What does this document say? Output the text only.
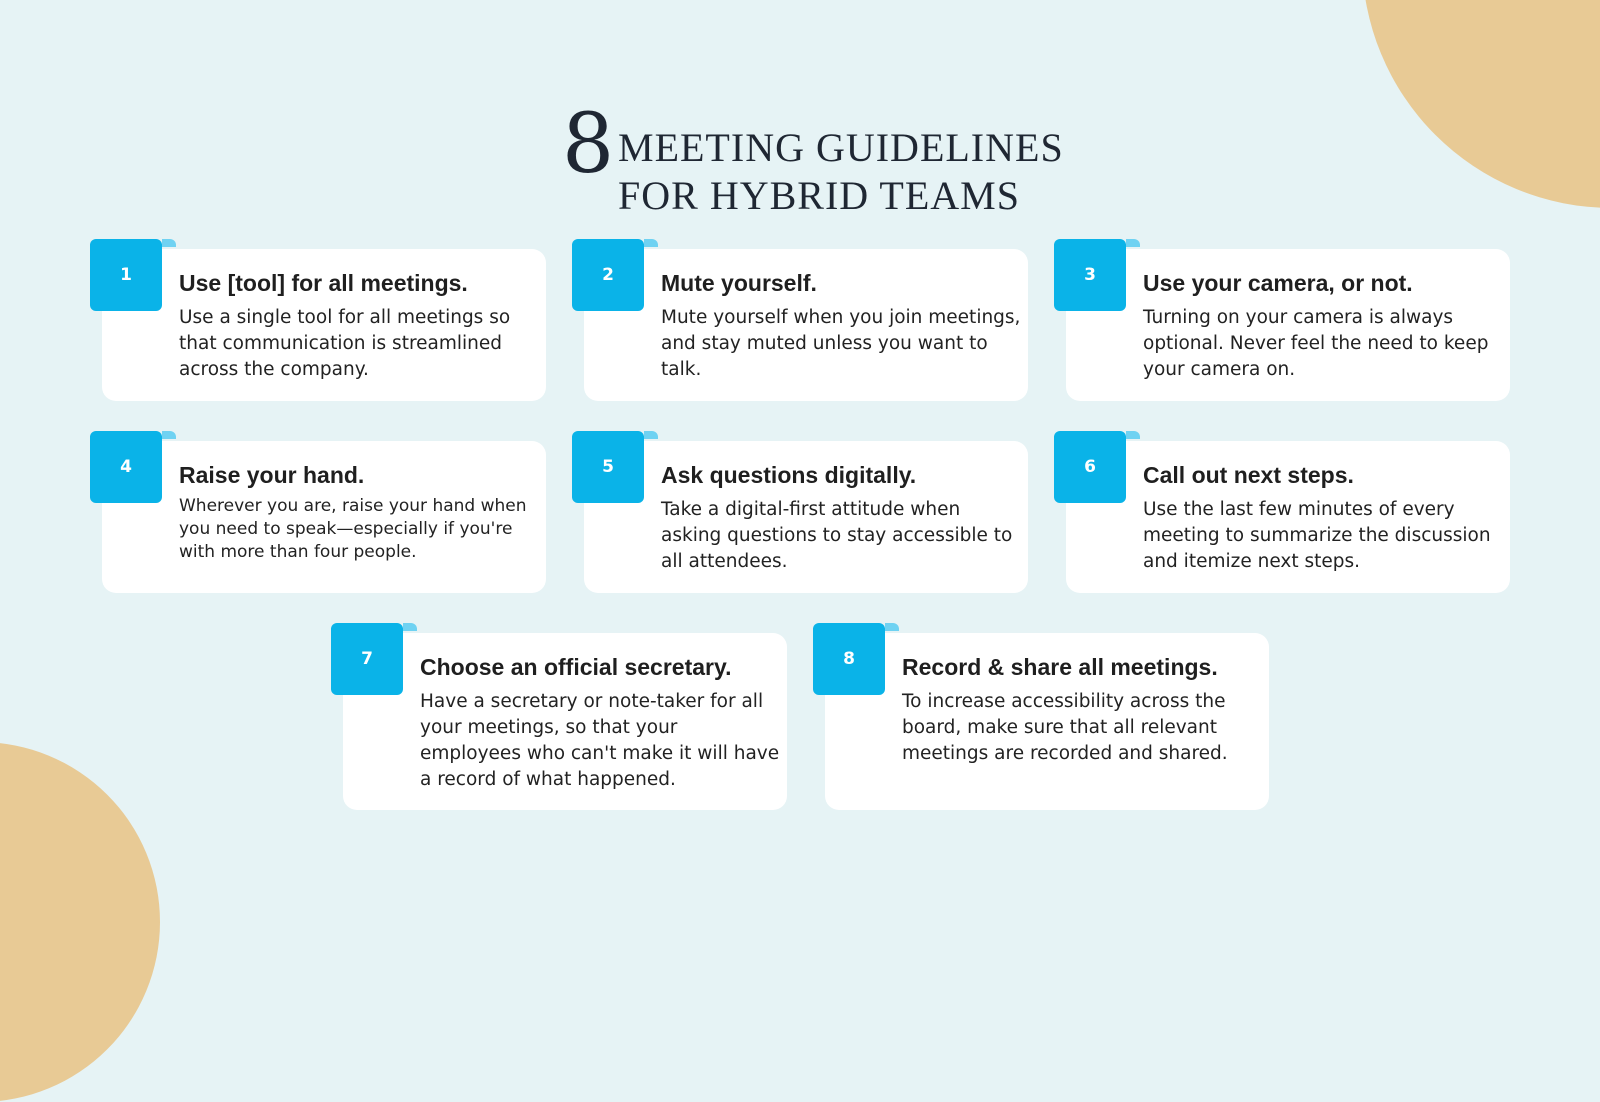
8 MEETING GUIDELINES
FOR HYBRID TEAMS
1	Use [tool] for all meetings.
Use a single tool for all meetings so that communication is streamlined across the company.
2	Mute yourself.
Mute yourself when you join meetings, and stay muted unless you want to talk.
3	Use your camera, or not.
Turning on your camera is always optional. Never feel the need to keep your camera on.
4	Raise your hand.
Wherever you are, raise your hand when you need to speak—especially if you're with more than four people.
5	Ask questions digitally.
Take a digital-first attitude when asking questions to stay accessible to all attendees.
6	Call out next steps.
Use the last few minutes of every meeting to summarize the discussion and itemize next steps.
7	Choose an official secretary.
Have a secretary or note-taker for all your meetings, so that your employees who can't make it will have a record of what happened.
8	Record & share all meetings.
To increase accessibility across the board, make sure that all relevant meetings are recorded and shared.
